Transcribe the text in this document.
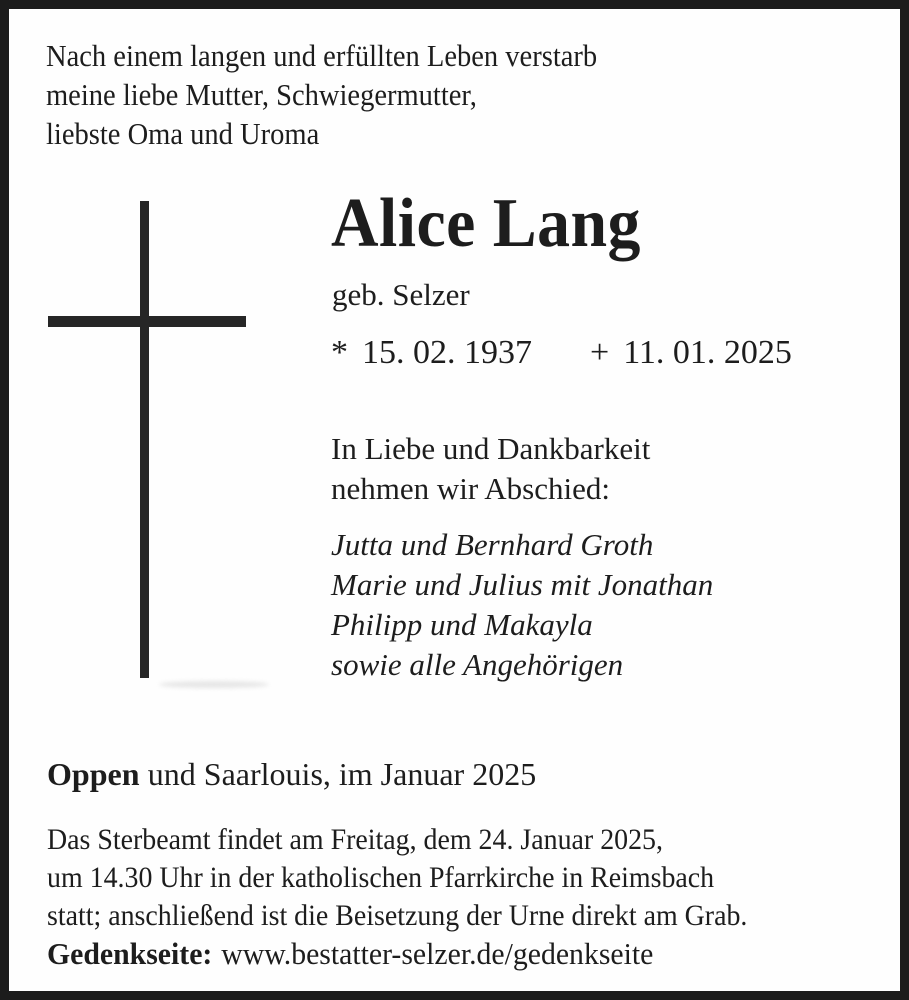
Nach einem langen und erfüllten Leben verstarb
meine liebe Mutter, Schwiegermutter,
liebste Oma und Uroma
Alice Lang
geb. Selzer
* 15. 02. 1937 + 11. 01. 2025
In Liebe und Dankbarkeit
nehmen wir Abschied:
Jutta und Bernhard Groth
Marie und Julius mit Jonathan
Philipp und Makayla
sowie alle Angehörigen
Oppen und Saarlouis, im Januar 2025
Das Sterbeamt findet am Freitag, dem 24. Januar 2025,
um 14.30 Uhr in der katholischen Pfarrkirche in Reimsbach
statt; anschließend ist die Beisetzung der Urne direkt am Grab.
Gedenkseite: www.bestatter-selzer.de/gedenkseite
